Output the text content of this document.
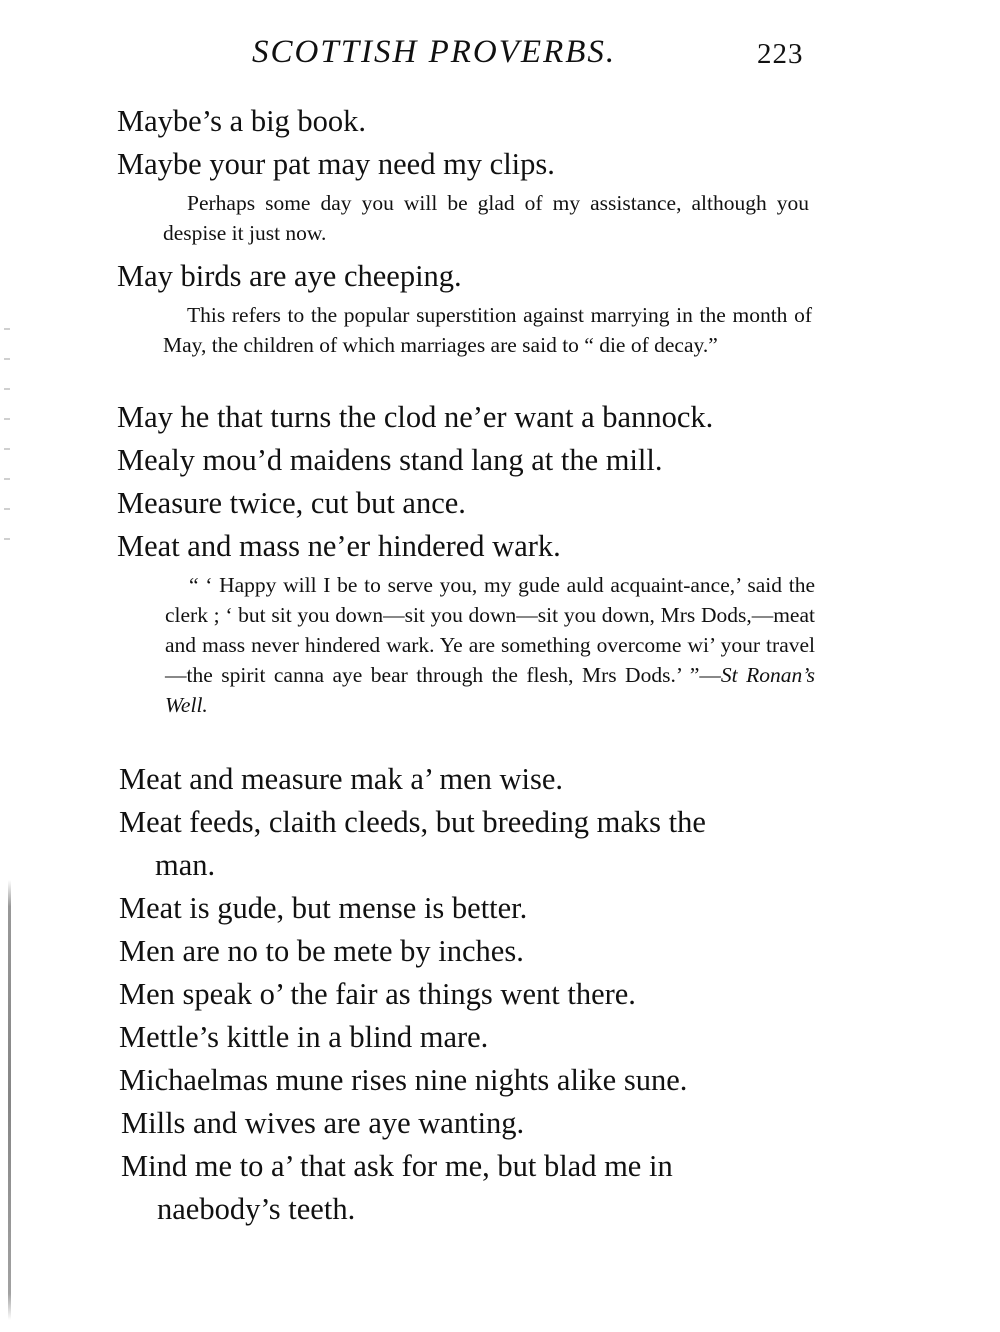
SCOTTISH PROVERBS.	223
Maybe’s a big book.
Maybe your pat may need my clips.
Perhaps some day you will be glad of my assistance, although you despise it just now.
May birds are aye cheeping.
This refers to the popular superstition against marrying in the month of May, the children of which marriages are said to “ die of decay.”
May he that turns the clod ne’er want a bannock.
Mealy mou’d maidens stand lang at the mill.
Measure twice, cut but ance.
Meat and mass ne’er hindered wark.
“ ‘ Happy will I be to serve you, my gude auld acquaint-ance,’ said the clerk ; ‘ but sit you down—sit you down—sit you down, Mrs Dods,—meat and mass never hindered wark. Ye are something overcome wi’ your travel—the spirit canna aye bear through the flesh, Mrs Dods.’ ”—St Ronan’s Well.
Meat and measure mak a’ men wise.
Meat feeds, claith cleeds, but breeding maks the
man.
Meat is gude, but mense is better.
Men are no to be mete by inches.
Men speak o’ the fair as things went there.
Mettle’s kittle in a blind mare.
Michaelmas mune rises nine nights alike sune.
Mills and wives are aye wanting.
Mind me to a’ that ask for me, but blad me in
naebody’s teeth.
